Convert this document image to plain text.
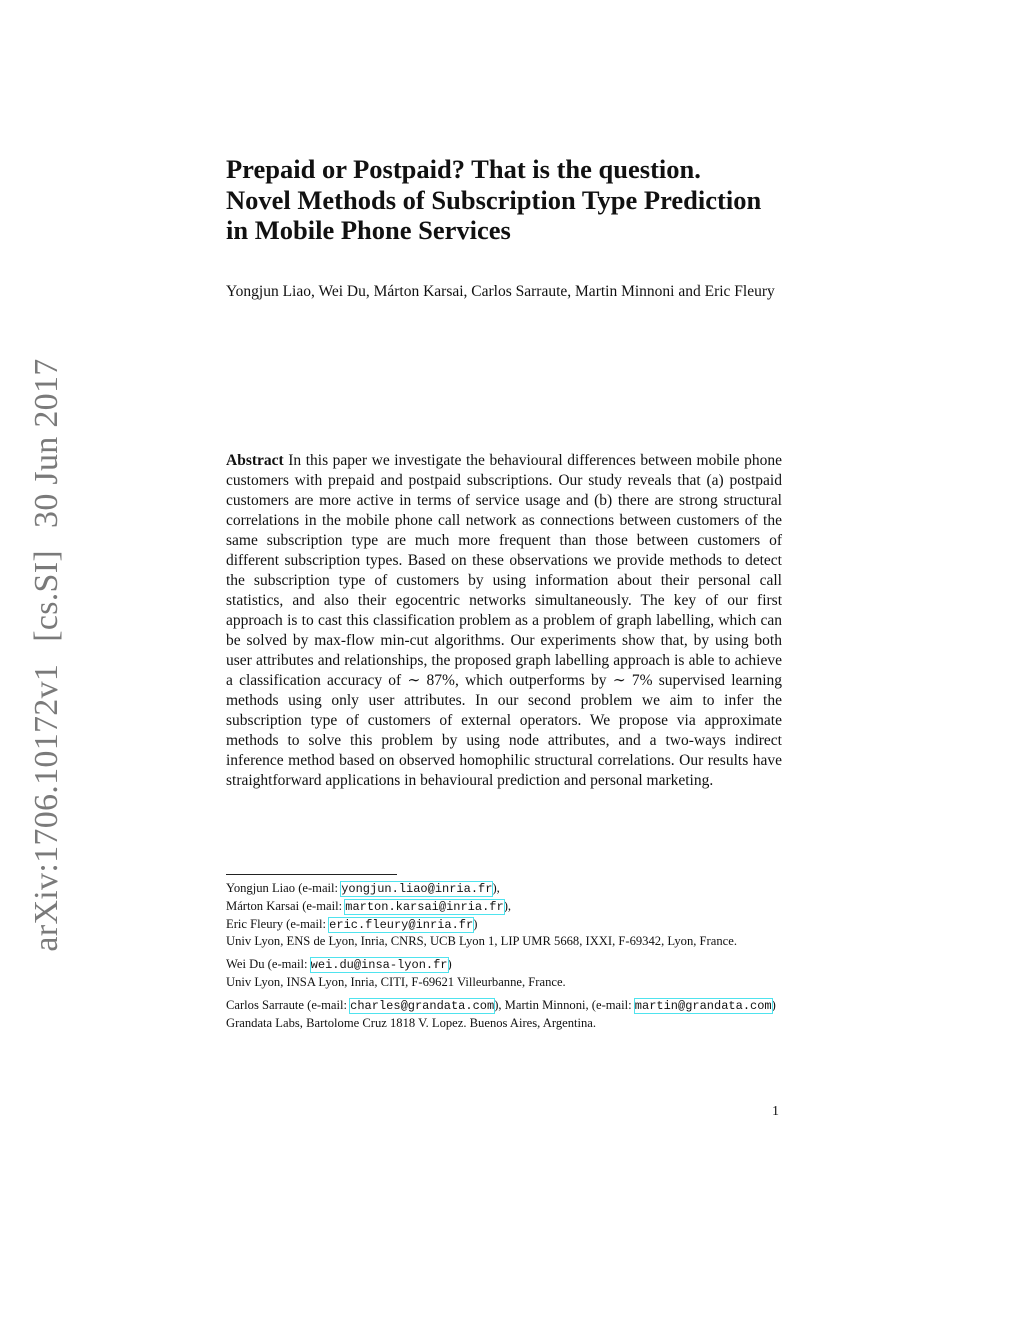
arXiv:1706.10172v1[cs.SI]30 Jun 2017
Prepaid or Postpaid? That is the question.
Novel Methods of Subscription Type Prediction
in Mobile Phone Services
Yongjun Liao, Wei Du, Márton Karsai, Carlos Sarraute, Martin Minnoni and Eric Fleury
Abstract In this paper we investigate the behavioural differences between mobile phone customers with prepaid and postpaid subscriptions. Our study reveals that (a) postpaid customers are more active in terms of service usage and (b) there are strong structural correlations in the mobile phone call network as connections between customers of the same subscription type are much more frequent than those between customers of different subscription types. Based on these observations we provide methods to detect the subscription type of customers by using information about their personal call statistics, and also their egocentric networks simultaneously. The key of our first approach is to cast this classification problem as a problem of graph labelling, which can be solved by max-flow min-cut algorithms. Our experiments show that, by using both user attributes and relationships, the proposed graph labelling approach is able to achieve a classification accuracy of ∼ 87%, which outperforms by ∼ 7% supervised learning methods using only user attributes. In our second problem we aim to infer the subscription type of customers of external operators. We propose via approximate methods to solve this problem by using node attributes, and a two-ways indirect inference method based on observed homophilic structural correlations. Our results have straightforward applications in behavioural prediction and personal marketing.
Yongjun Liao (e-mail: yongjun.liao@inria.fr),
Márton Karsai (e-mail: marton.karsai@inria.fr),
Eric Fleury (e-mail: eric.fleury@inria.fr)
Univ Lyon, ENS de Lyon, Inria, CNRS, UCB Lyon 1, LIP UMR 5668, IXXI, F-69342, Lyon, France.
Wei Du (e-mail: wei.du@insa-lyon.fr)
Univ Lyon, INSA Lyon, Inria, CITI, F-69621 Villeurbanne, France.
Carlos Sarraute (e-mail: charles@grandata.com), Martin Minnoni, (e-mail: martin@grandata.com)
Grandata Labs, Bartolome Cruz 1818 V. Lopez. Buenos Aires, Argentina.
1
